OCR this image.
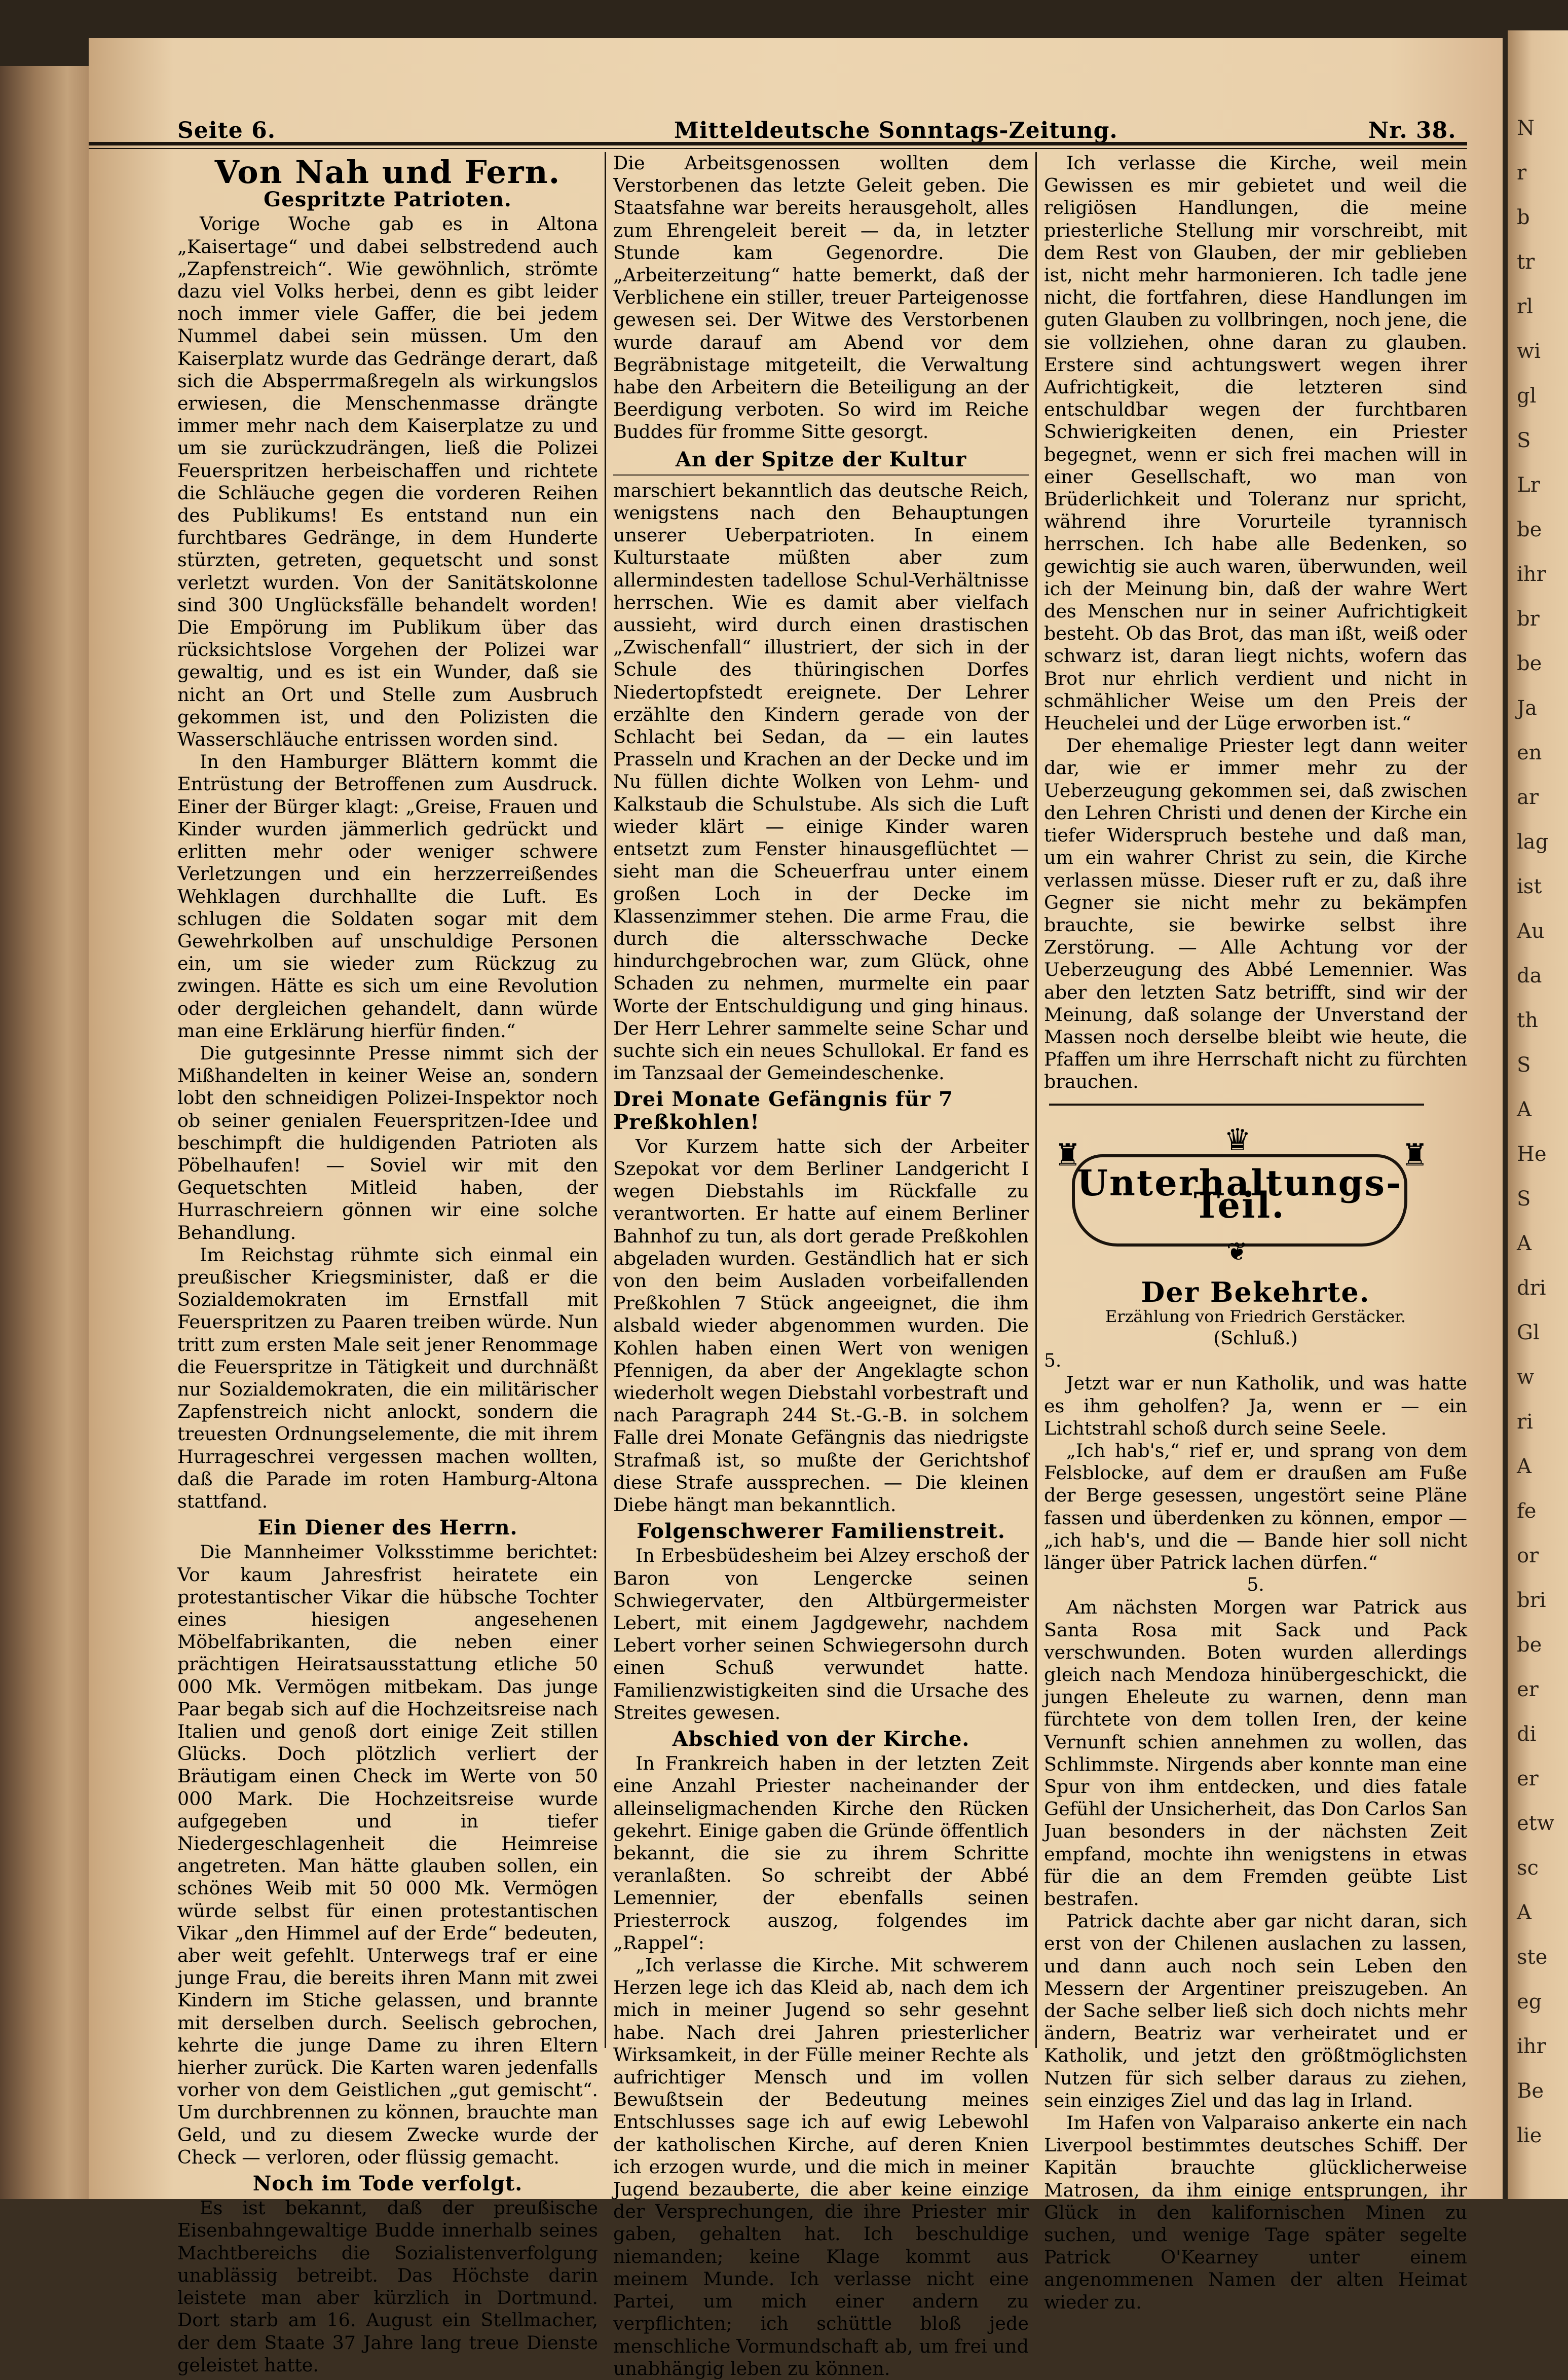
N
r
b
tr
rl
wi
gl
S
Lr
be
ihr
br
be
Ja
en
ar
lag
ist
Au
da
th
S
A
He
S
A
dri
Gl
w
ri
A
fe
or
bri
be
er
di
er
etw
sc
A
ste
eg
ihr
Be
lie
Seite 6.	Mitteldeutsche Sonntags-Zeitung.	Nr. 38.
Von Nah und Fern.
Gespritzte Patrioten.

Vorige Woche gab es in Altona „Kaisertage“ und dabei selbstredend auch „Zapfenstreich“. Wie gewöhnlich, strömte dazu viel Volks herbei, denn es gibt leider noch immer viele Gaffer, die bei jedem Nummel dabei sein müssen. Um den Kaiserplatz wurde das Gedränge derart, daß sich die Absperrmaßregeln als wirkungslos erwiesen, die Menschenmasse drängte immer mehr nach dem Kaiserplatze zu und um sie zurückzudrängen, ließ die Polizei Feuerspritzen herbeischaffen und richtete die Schläuche gegen die vorderen Reihen des Publikums! Es entstand nun ein furchtbares Gedränge, in dem Hunderte stürzten, getreten, gequetscht und sonst verletzt wurden. Von der Sanitätskolonne sind 300 Unglücksfälle behandelt worden! Die Empörung im Publikum über das rücksichtslose Vorgehen der Polizei war gewaltig, und es ist ein Wunder, daß sie nicht an Ort und Stelle zum Ausbruch gekommen ist, und den Polizisten die Wasserschläuche entrissen worden sind.

In den Hamburger Blättern kommt die Entrüstung der Betroffenen zum Ausdruck. Einer der Bürger klagt: „Greise, Frauen und Kinder wurden jämmerlich gedrückt und erlitten mehr oder weniger schwere Verletzungen und ein herzzerreißendes Wehklagen durchhallte die Luft. Es schlugen die Soldaten sogar mit dem Gewehrkolben auf unschuldige Personen ein, um sie wieder zum Rückzug zu zwingen. Hätte es sich um eine Revolution oder dergleichen gehandelt, dann würde man eine Erklärung hierfür finden.“

Die gutgesinnte Presse nimmt sich der Mißhandelten in keiner Weise an, sondern lobt den schneidigen Polizei-Inspektor noch ob seiner genialen Feuerspritzen-Idee und beschimpft die huldigenden Patrioten als Pöbelhaufen! — Soviel wir mit den Gequetschten Mitleid haben, der Hurraschreiern gönnen wir eine solche Behandlung.

Im Reichstag rühmte sich einmal ein preußischer Kriegsminister, daß er die Sozialdemokraten im Ernstfall mit Feuerspritzen zu Paaren treiben würde. Nun tritt zum ersten Male seit jener Renommage die Feuerspritze in Tätigkeit und durchnäßt nur Sozialdemokraten, die ein militärischer Zapfenstreich nicht anlockt, sondern die treuesten Ordnungselemente, die mit ihrem Hurrageschrei vergessen machen wollten, daß die Parade im roten Hamburg-Altona stattfand.

Ein Diener des Herrn.

Die Mannheimer Volksstimme berichtet: Vor kaum Jahresfrist heiratete ein protestantischer Vikar die hübsche Tochter eines hiesigen angesehenen Möbelfabrikanten, die neben einer prächtigen Heiratsausstattung etliche 50 000 Mk. Vermögen mitbekam. Das junge Paar begab sich auf die Hochzeitsreise nach Italien und genoß dort einige Zeit stillen Glücks. Doch plötzlich verliert der Bräutigam einen Check im Werte von 50 000 Mark. Die Hochzeitsreise wurde aufgegeben und in tiefer Niedergeschlagenheit die Heimreise angetreten. Man hätte glauben sollen, ein schönes Weib mit 50 000 Mk. Vermögen würde selbst für einen protestantischen Vikar „den Himmel auf der Erde“ bedeuten, aber weit gefehlt. Unterwegs traf er eine junge Frau, die bereits ihren Mann mit zwei Kindern im Stiche gelassen, und brannte mit derselben durch. Seelisch gebrochen, kehrte die junge Dame zu ihren Eltern hierher zurück. Die Karten waren jedenfalls vorher von dem Geistlichen „gut gemischt“. Um durchbrennen zu können, brauchte man Geld, und zu diesem Zwecke wurde der Check — verloren, oder flüssig gemacht.

Noch im Tode verfolgt.

Es ist bekannt, daß der preußische Eisenbahngewaltige Budde innerhalb seines Machtbereichs die Sozialistenverfolgung unablässig betreibt. Das Höchste darin leistete man aber kürzlich in Dortmund. Dort starb am 16. August ein Stellmacher, der dem Staate 37 Jahre lang treue Dienste geleistet hatte.

Die Arbeitsgenossen wollten dem Verstorbenen das letzte Geleit geben. Die Staatsfahne war bereits herausgeholt, alles zum Ehrengeleit bereit — da, in letzter Stunde kam Gegenordre. Die „Arbeiterzeitung“ hatte bemerkt, daß der Verblichene ein stiller, treuer Parteigenosse gewesen sei. Der Witwe des Verstorbenen wurde darauf am Abend vor dem Begräbnistage mitgeteilt, die Verwaltung habe den Arbeitern die Beteiligung an der Beerdigung verboten. So wird im Reiche Buddes für fromme Sitte gesorgt.

An der Spitze der Kultur

marschiert bekanntlich das deutsche Reich, wenigstens nach den Behauptungen unserer Ueberpatrioten. In einem Kulturstaate müßten aber zum allermindesten tadellose Schul-Verhältnisse herrschen. Wie es damit aber vielfach aussieht, wird durch einen drastischen „Zwischenfall“ illustriert, der sich in der Schule des thüringischen Dorfes Niedertopfstedt ereignete. Der Lehrer erzählte den Kindern gerade von der Schlacht bei Sedan, da — ein lautes Prasseln und Krachen an der Decke und im Nu füllen dichte Wolken von Lehm- und Kalkstaub die Schulstube. Als sich die Luft wieder klärt — einige Kinder waren entsetzt zum Fenster hinausgeflüchtet — sieht man die Scheuerfrau unter einem großen Loch in der Decke im Klassenzimmer stehen. Die arme Frau, die durch die altersschwache Decke hindurchgebrochen war, zum Glück, ohne Schaden zu nehmen, murmelte ein paar Worte der Entschuldigung und ging hinaus. Der Herr Lehrer sammelte seine Schar und suchte sich ein neues Schullokal. Er fand es im Tanzsaal der Gemeindeschenke.

Drei Monate Gefängnis für 7 Preßkohlen!

Vor Kurzem hatte sich der Arbeiter Szepokat vor dem Berliner Landgericht I wegen Diebstahls im Rückfalle zu verantworten. Er hatte auf einem Berliner Bahnhof zu tun, als dort gerade Preßkohlen abgeladen wurden. Geständlich hat er sich von den beim Ausladen vorbeifallenden Preßkohlen 7 Stück angeeignet, die ihm alsbald wieder abgenommen wurden. Die Kohlen haben einen Wert von wenigen Pfennigen, da aber der Angeklagte schon wiederholt wegen Diebstahl vorbestraft und nach Paragraph 244 St.-G.-B. in solchem Falle drei Monate Gefängnis das niedrigste Strafmaß ist, so mußte der Gerichtshof diese Strafe aussprechen. — Die kleinen Diebe hängt man bekanntlich.

Folgenschwerer Familienstreit.

In Erbesbüdesheim bei Alzey erschoß der Baron von Lengercke seinen Schwiegervater, den Altbürgermeister Lebert, mit einem Jagdgewehr, nachdem Lebert vorher seinen Schwiegersohn durch einen Schuß verwundet hatte. Familienzwistigkeiten sind die Ursache des Streites gewesen.

Abschied von der Kirche.

In Frankreich haben in der letzten Zeit eine Anzahl Priester nacheinander der alleinseligmachenden Kirche den Rücken gekehrt. Einige gaben die Gründe öffentlich bekannt, die sie zu ihrem Schritte veranlaßten. So schreibt der Abbé Lemennier, der ebenfalls seinen Priesterrock auszog, folgendes im „Rappel“:

„Ich verlasse die Kirche. Mit schwerem Herzen lege ich das Kleid ab, nach dem ich mich in meiner Jugend so sehr gesehnt habe. Nach drei Jahren priesterlicher Wirksamkeit, in der Fülle meiner Rechte als aufrichtiger Mensch und im vollen Bewußtsein der Bedeutung meines Entschlusses sage ich auf ewig Lebewohl der katholischen Kirche, auf deren Knien ich erzogen wurde, und die mich in meiner Jugend bezauberte, die aber keine einzige der Versprechungen, die ihre Priester mir gaben, gehalten hat. Ich beschuldige niemanden; keine Klage kommt aus meinem Munde. Ich verlasse nicht eine Partei, um mich einer andern zu verpflichten; ich schüttle bloß jede menschliche Vormundschaft ab, um frei und unabhängig leben zu können.

Ich verlasse die Kirche, weil mein Gewissen es mir gebietet und weil die religiösen Handlungen, die meine priesterliche Stellung mir vorschreibt, mit dem Rest von Glauben, der mir geblieben ist, nicht mehr harmonieren. Ich tadle jene nicht, die fortfahren, diese Handlungen im guten Glauben zu vollbringen, noch jene, die sie vollziehen, ohne daran zu glauben. Erstere sind achtungswert wegen ihrer Aufrichtigkeit, die letzteren sind entschuldbar wegen der furchtbaren Schwierigkeiten denen, ein Priester begegnet, wenn er sich frei machen will in einer Gesellschaft, wo man von Brüderlichkeit und Toleranz nur spricht, während ihre Vorurteile tyrannisch herrschen. Ich habe alle Bedenken, so gewichtig sie auch waren, überwunden, weil ich der Meinung bin, daß der wahre Wert des Menschen nur in seiner Aufrichtigkeit besteht. Ob das Brot, das man ißt, weiß oder schwarz ist, daran liegt nichts, wofern das Brot nur ehrlich verdient und nicht in schmählicher Weise um den Preis der Heuchelei und der Lüge erworben ist.“

Der ehemalige Priester legt dann weiter dar, wie er immer mehr zu der Ueberzeugung gekommen sei, daß zwischen den Lehren Christi und denen der Kirche ein tiefer Widerspruch bestehe und daß man, um ein wahrer Christ zu sein, die Kirche verlassen müsse. Dieser ruft er zu, daß ihre Gegner sie nicht mehr zu bekämpfen brauchte, sie bewirke selbst ihre Zerstörung. — Alle Achtung vor der Ueberzeugung des Abbé Lemennier. Was aber den letzten Satz betrifft, sind wir der Meinung, daß solange der Unverstand der Massen noch derselbe bleibt wie heute, die Pfaffen um ihre Herrschaft nicht zu fürchten brauchen.

♛
♜	♜
Unterhaltungs-Teil.
❦
Der Bekehrte.
Erzählung von Friedrich Gerstäcker.
(Schluß.)

5.

Jetzt war er nun Katholik, und was hatte es ihm geholfen? Ja, wenn er — ein Lichtstrahl schoß durch seine Seele.

„Ich hab's,“ rief er, und sprang von dem Felsblocke, auf dem er draußen am Fuße der Berge gesessen, ungestört seine Pläne fassen und überdenken zu können, empor — „ich hab's, und die — Bande hier soll nicht länger über Patrick lachen dürfen.“

5.

Am nächsten Morgen war Patrick aus Santa Rosa mit Sack und Pack verschwunden. Boten wurden allerdings gleich nach Mendoza hinübergeschickt, die jungen Eheleute zu warnen, denn man fürchtete von dem tollen Iren, der keine Vernunft schien annehmen zu wollen, das Schlimmste. Nirgends aber konnte man eine Spur von ihm entdecken, und dies fatale Gefühl der Unsicherheit, das Don Carlos San Juan besonders in der nächsten Zeit empfand, mochte ihn wenigstens in etwas für die an dem Fremden geübte List bestrafen.

Patrick dachte aber gar nicht daran, sich erst von der Chilenen auslachen zu lassen, und dann auch noch sein Leben den Messern der Argentiner preiszugeben. An der Sache selber ließ sich doch nichts mehr ändern, Beatriz war verheiratet und er Katholik, und jetzt den größtmöglichsten Nutzen für sich selber daraus zu ziehen, sein einziges Ziel und das lag in Irland.

Im Hafen von Valparaiso ankerte ein nach Liverpool bestimmtes deutsches Schiff. Der Kapitän brauchte glücklicherweise Matrosen, da ihm einige entsprungen, ihr Glück in den kalifornischen Minen zu suchen, und wenige Tage später segelte Patrick O'Kearney unter einem angenommenen Namen der alten Heimat wieder zu.
